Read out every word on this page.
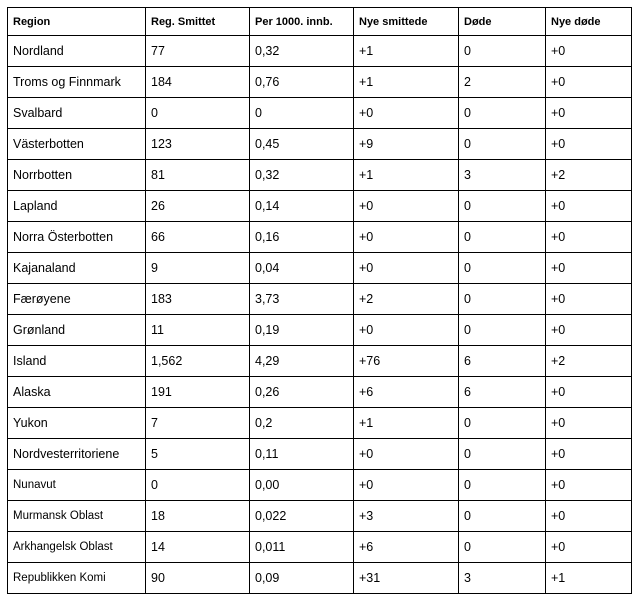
Region	Reg. Smittet	Per 1000. innb.	Nye smittede	Døde	Nye døde
Nordland	77	0,32	+1	0	+0
Troms og Finnmark	184	0,76	+1	2	+0
Svalbard	0	0	+0	0	+0
Västerbotten	123	0,45	+9	0	+0
Norrbotten	81	0,32	+1	3	+2
Lapland	26	0,14	+0	0	+0
Norra Österbotten	66	0,16	+0	0	+0
Kajanaland	9	0,04	+0	0	+0
Færøyene	183	3,73	+2	0	+0
Grønland	11	0,19	+0	0	+0
Island	1,562	4,29	+76	6	+2
Alaska	191	0,26	+6	6	+0
Yukon	7	0,2	+1	0	+0
Nordvesterritoriene	5	0,11	+0	0	+0
Nunavut	0	0,00	+0	0	+0
Murmansk Oblast	18	0,022	+3	0	+0
Arkhangelsk Oblast	14	0,011	+6	0	+0
Republikken Komi	90	0,09	+31	3	+1
